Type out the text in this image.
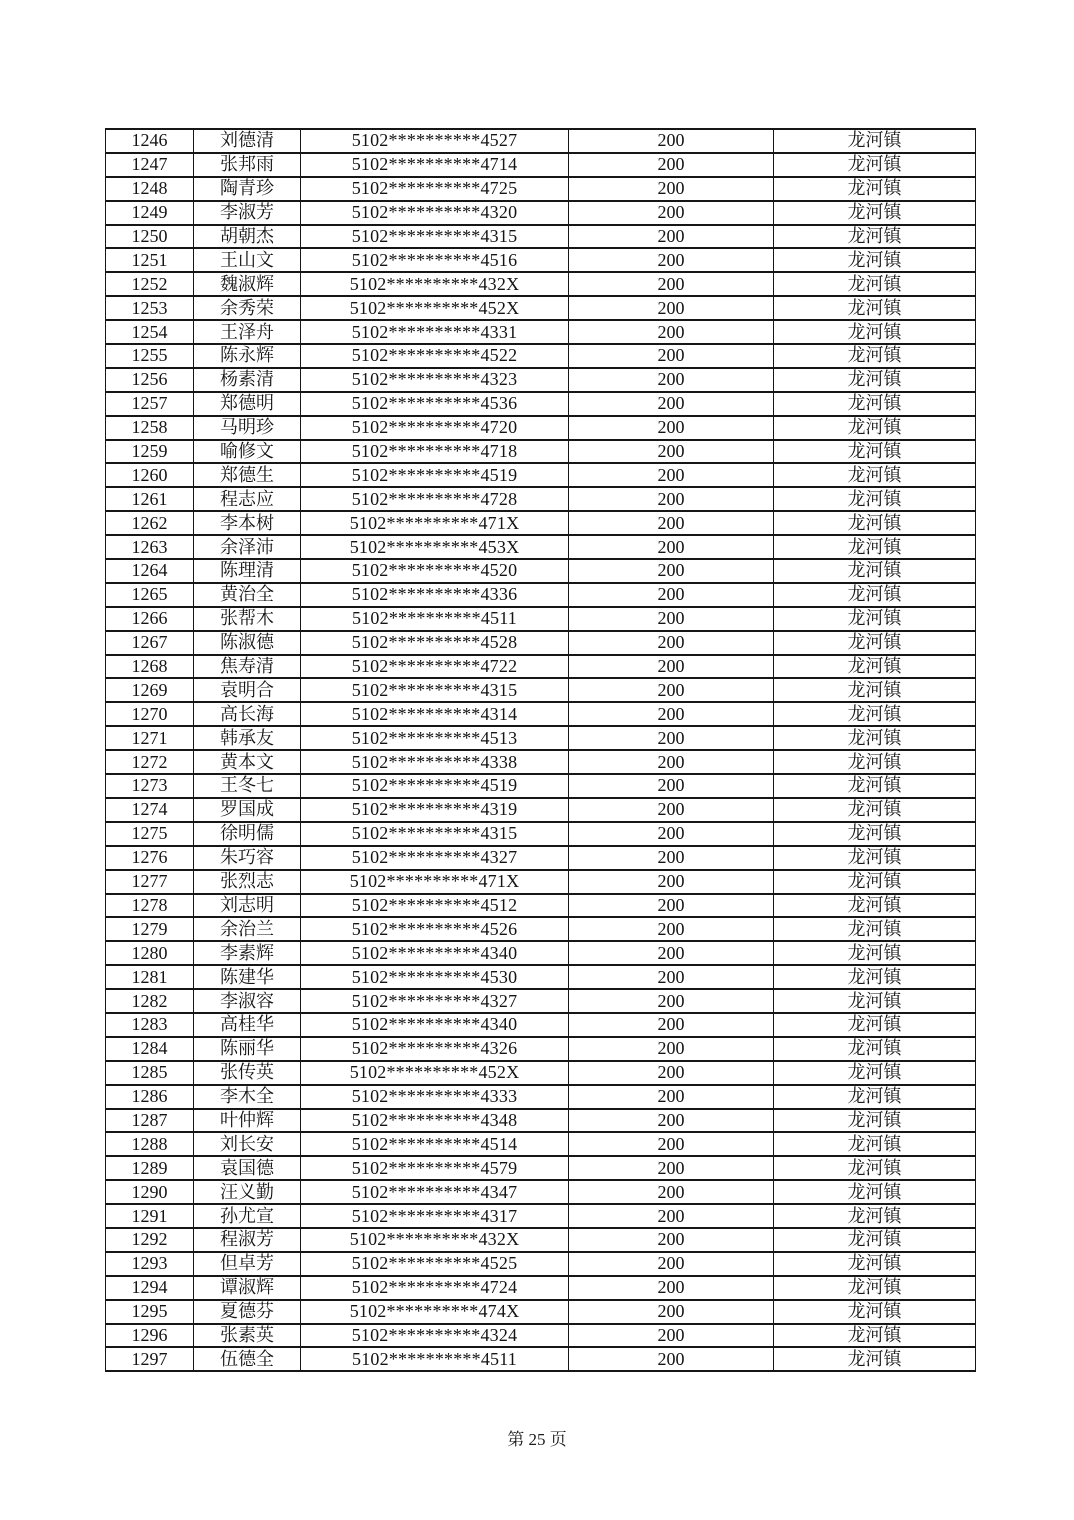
1246	刘德清	5102**********4527	200	龙河镇
1247	张邦雨	5102**********4714	200	龙河镇
1248	陶青珍	5102**********4725	200	龙河镇
1249	李淑芳	5102**********4320	200	龙河镇
1250	胡朝杰	5102**********4315	200	龙河镇
1251	王山文	5102**********4516	200	龙河镇
1252	魏淑辉	5102**********432X	200	龙河镇
1253	余秀荣	5102**********452X	200	龙河镇
1254	王泽舟	5102**********4331	200	龙河镇
1255	陈永辉	5102**********4522	200	龙河镇
1256	杨素清	5102**********4323	200	龙河镇
1257	郑德明	5102**********4536	200	龙河镇
1258	马明珍	5102**********4720	200	龙河镇
1259	喻修文	5102**********4718	200	龙河镇
1260	郑德生	5102**********4519	200	龙河镇
1261	程志应	5102**********4728	200	龙河镇
1262	李本树	5102**********471X	200	龙河镇
1263	余泽沛	5102**********453X	200	龙河镇
1264	陈理清	5102**********4520	200	龙河镇
1265	黄治全	5102**********4336	200	龙河镇
1266	张帮木	5102**********4511	200	龙河镇
1267	陈淑德	5102**********4528	200	龙河镇
1268	焦寿清	5102**********4722	200	龙河镇
1269	袁明合	5102**********4315	200	龙河镇
1270	高长海	5102**********4314	200	龙河镇
1271	韩承友	5102**********4513	200	龙河镇
1272	黄本文	5102**********4338	200	龙河镇
1273	王冬七	5102**********4519	200	龙河镇
1274	罗国成	5102**********4319	200	龙河镇
1275	徐明儒	5102**********4315	200	龙河镇
1276	朱巧容	5102**********4327	200	龙河镇
1277	张烈志	5102**********471X	200	龙河镇
1278	刘志明	5102**********4512	200	龙河镇
1279	余治兰	5102**********4526	200	龙河镇
1280	李素辉	5102**********4340	200	龙河镇
1281	陈建华	5102**********4530	200	龙河镇
1282	李淑容	5102**********4327	200	龙河镇
1283	高桂华	5102**********4340	200	龙河镇
1284	陈丽华	5102**********4326	200	龙河镇
1285	张传英	5102**********452X	200	龙河镇
1286	李木全	5102**********4333	200	龙河镇
1287	叶仲辉	5102**********4348	200	龙河镇
1288	刘长安	5102**********4514	200	龙河镇
1289	袁国德	5102**********4579	200	龙河镇
1290	汪义勤	5102**********4347	200	龙河镇
1291	孙尤宣	5102**********4317	200	龙河镇
1292	程淑芳	5102**********432X	200	龙河镇
1293	但卓芳	5102**********4525	200	龙河镇
1294	谭淑辉	5102**********4724	200	龙河镇
1295	夏德芬	5102**********474X	200	龙河镇
1296	张素英	5102**********4324	200	龙河镇
1297	伍德全	5102**********4511	200	龙河镇
第 25 页
